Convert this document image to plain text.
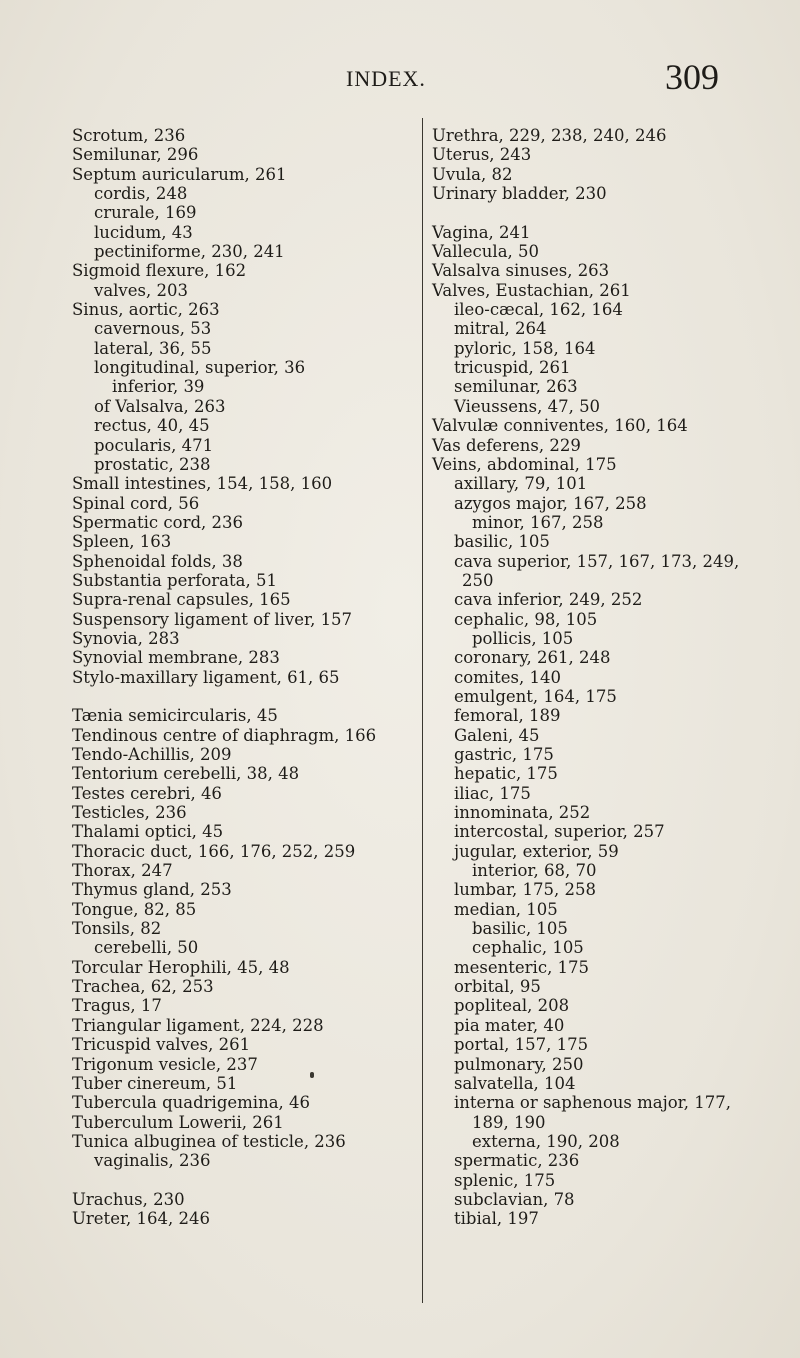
INDEX.	309
Scrotum, 236
Semilunar, 296
Septum auricularum, 261
cordis, 248
crurale, 169
lucidum, 43
pectiniforme, 230, 241
Sigmoid flexure, 162
valves, 203
Sinus, aortic, 263
cavernous, 53
lateral, 36, 55
longitudinal, superior, 36
inferior, 39
of Valsalva, 263
rectus, 40, 45
pocularis, 471
prostatic, 238
Small intestines, 154, 158, 160
Spinal cord, 56
Spermatic cord, 236
Spleen, 163
Sphenoidal folds, 38
Substantia perforata, 51
Supra-renal capsules, 165
Suspensory ligament of liver, 157
Synovia, 283
Synovial membrane, 283
Stylo-maxillary ligament, 61, 65
Tænia semicircularis, 45
Tendinous centre of diaphragm, 166
Tendo-Achillis, 209
Tentorium cerebelli, 38, 48
Testes cerebri, 46
Testicles, 236
Thalami optici, 45
Thoracic duct, 166, 176, 252, 259
Thorax, 247
Thymus gland, 253
Tongue, 82, 85
Tonsils, 82
cerebelli, 50
Torcular Herophili, 45, 48
Trachea, 62, 253
Tragus, 17
Triangular ligament, 224, 228
Tricuspid valves, 261
Trigonum vesicle, 237
Tuber cinereum, 51
Tubercula quadrigemina, 46
Tuberculum Lowerii, 261
Tunica albuginea of testicle, 236
vaginalis, 236
Urachus, 230
Ureter, 164, 246
Urethra, 229, 238, 240, 246
Uterus, 243
Uvula, 82
Urinary bladder, 230
Vagina, 241
Vallecula, 50
Valsalva sinuses, 263
Valves, Eustachian, 261
ileo-cæcal, 162, 164
mitral, 264
pyloric, 158, 164
tricuspid, 261
semilunar, 263
Vieussens, 47, 50
Valvulæ conniventes, 160, 164
Vas deferens, 229
Veins, abdominal, 175
axillary, 79, 101
azygos major, 167, 258
minor, 167, 258
basilic, 105
cava superior, 157, 167, 173, 249,
250
cava inferior, 249, 252
cephalic, 98, 105
pollicis, 105
coronary, 261, 248
comites, 140
emulgent, 164, 175
femoral, 189
Galeni, 45
gastric, 175
hepatic, 175
iliac, 175
innominata, 252
intercostal, superior, 257
jugular, exterior, 59
interior, 68, 70
lumbar, 175, 258
median, 105
basilic, 105
cephalic, 105
mesenteric, 175
orbital, 95
popliteal, 208
pia mater, 40
portal, 157, 175
pulmonary, 250
salvatella, 104
interna or saphenous major, 177,
189, 190
externa, 190, 208
spermatic, 236
splenic, 175
subclavian, 78
tibial, 197
